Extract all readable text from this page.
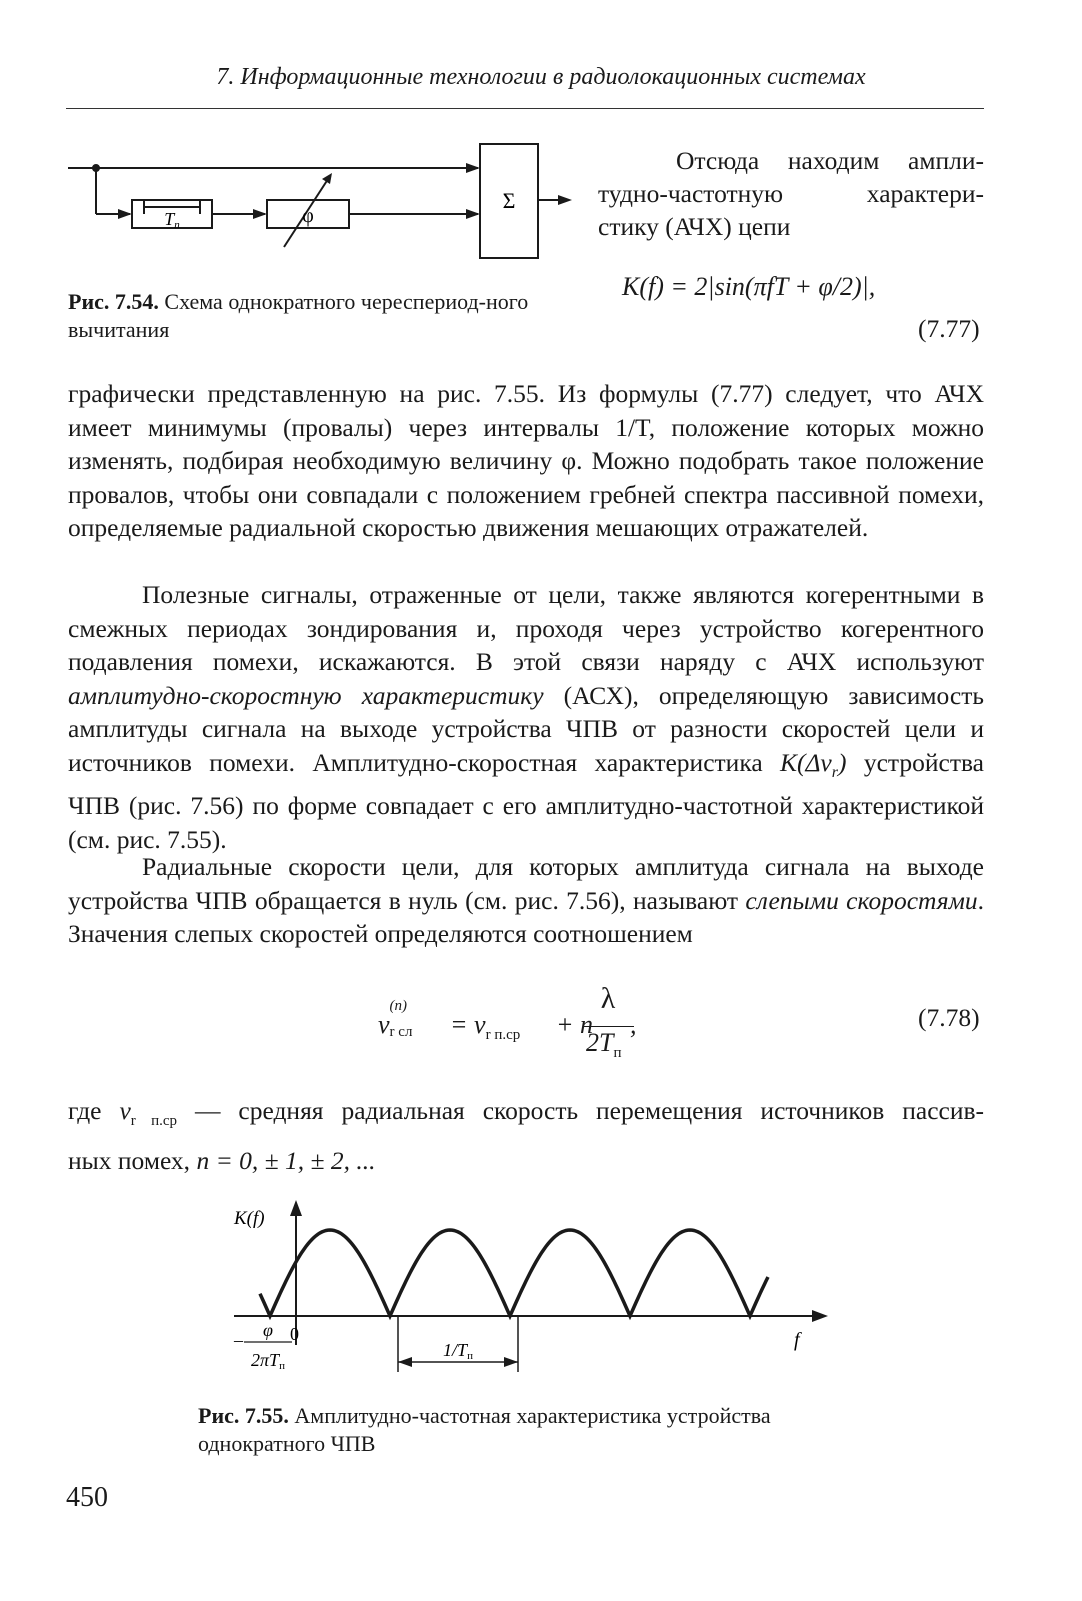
7. Информационные технологии в радиолокационных системах
Tп	φ
Σ
Отсюда находим ампли-
тудно-частотную характери-
стику (АЧХ) цепи
K(f) = 2|sin(πfT + φ/2)|,
(7.77)
Рис. 7.54. Схема однократного череспериод-ного вычитания
графически представленную на рис. 7.55. Из формулы (7.77) следует, что АЧХ имеет минимумы (провалы) через интервалы 1/T, положение которых можно изменять, подбирая необходимую величину φ. Можно подобрать такое положение провалов, чтобы они совпадали с положением гребней спектра пассивной помехи, определяемые радиальной скоростью движения мешающих отражателей.
Полезные сигналы, отраженные от цели, также являются когерентными в смежных периодах зондирования и, проходя через устройство когерентного подавления помехи, искажаются. В этой связи наряду с АЧХ используют амплитудно-скоростную характеристику (АСХ), определяющую зависимость амплитуды сигнала на выходе устройства ЧПВ от разности скоростей цели и источников помехи. Амплитудно-скоростная характеристика $K(\Delta v_r)$ устройства ЧПВ (рис. 7.56) по форме совпадает с его амплитудно-частотной характеристикой (см. рис. 7.55).
Радиальные скорости цели, для которых амплитуда сигнала на выходе устройства ЧПВ обращается в нуль (см. рис. 7.56), называют слепыми скоростями. Значения слепых скоростей определяются соотношением
v
(n)
r сл = $v_{r п.ср} + n$
λ
$2T_п$
,	(7.78)
где $v_{r п.ср}$ — средняя радиальная скорость перемещения источников пассив-
ных помех, n = 0, ± 1, ± 2, ...
K(f)
f
0
– φ
2πTп
1/Tп
Рис. 7.55. Амплитудно-частотная характеристика устройства однократного ЧПВ
450
